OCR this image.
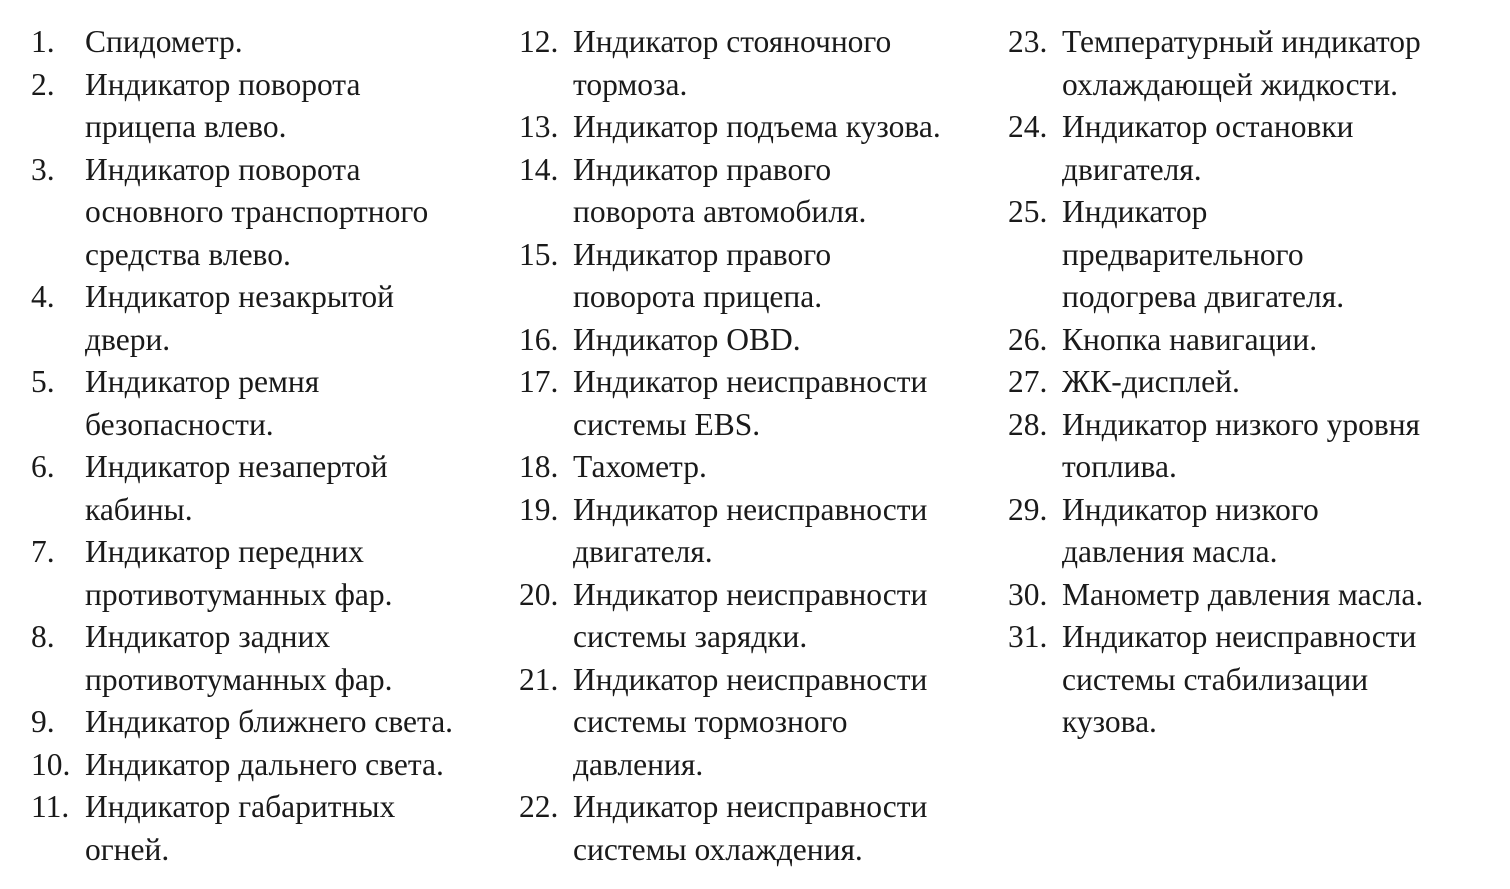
1. Спидометр.
2. Индикатор поворота
прицепа влево.
3. Индикатор поворота
основного транспортного
средства влево.
4. Индикатор незакрытой
двери.
5. Индикатор ремня
безопасности.
6. Индикатор незапертой
кабины.
7. Индикатор передних
противотуманных фар.
8. Индикатор задних
противотуманных фар.
9. Индикатор ближнего света.
10. Индикатор дальнего света.
11. Индикатор габаритных
огней.
12. Индикатор стояночного
тормоза.
13. Индикатор подъема кузова.
14. Индикатор правого
поворота автомобиля.
15. Индикатор правого
поворота прицепа.
16. Индикатор OBD.
17. Индикатор неисправности
системы EBS.
18. Тахометр.
19. Индикатор неисправности
двигателя.
20. Индикатор неисправности
системы зарядки.
21. Индикатор неисправности
системы тормозного
давления.
22. Индикатор неисправности
системы охлаждения.
23. Температурный индикатор
охлаждающей жидкости.
24. Индикатор остановки
двигателя.
25. Индикатор
предварительного
подогрева двигателя.
26. Кнопка навигации.
27. ЖК-дисплей.
28. Индикатор низкого уровня
топлива.
29. Индикатор низкого
давления масла.
30. Манометр давления масла.
31. Индикатор неисправности
системы стабилизации
кузова.
